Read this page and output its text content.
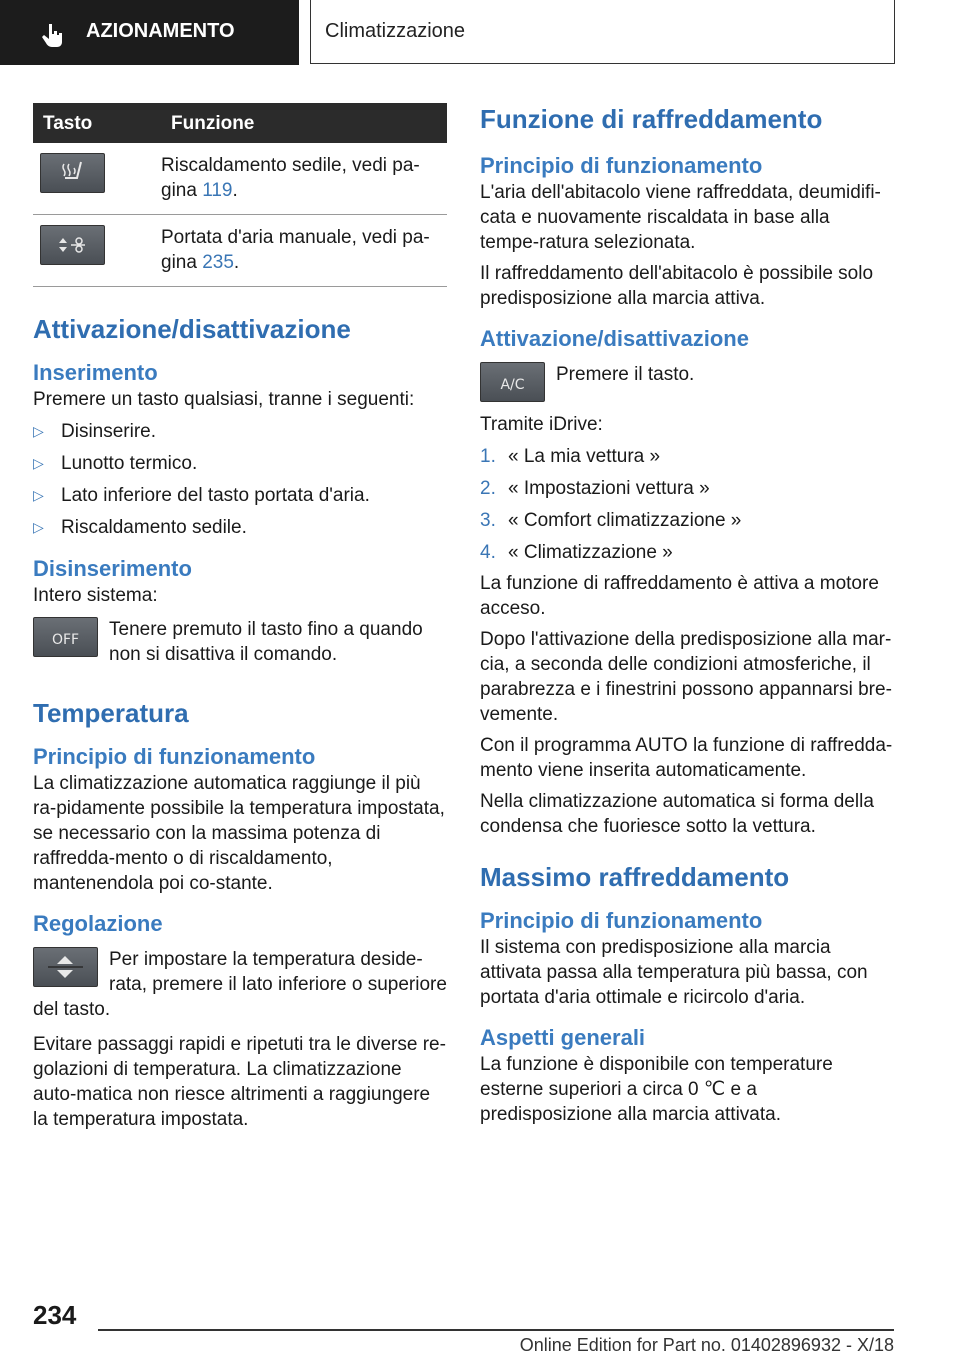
AZIONAMENTO	Climatizzazione
Tasto	Funzione

	Riscaldamento sedile, vedi pa-gina 119.

	Portata d'aria manuale, vedi pa-gina 235.
Attivazione/disattivazione
Inserimento

Premere un tasto qualsiasi, tranne i seguenti:

▷ Disinserire.
▷ Lunotto termico.
▷ Lato inferiore del tasto portata d'aria.
▷ Riscaldamento sedile.
Disinserimento

Intero sistema:

OFF	Tenere premuto il tasto fino a quando non si disattiva il comando.

Temperatura
Principio di funzionamento

La climatizzazione automatica raggiunge il più ra-pidamente possibile la temperatura impostata, se necessario con la massima potenza di raffredda-mento o di riscaldamento, mantenendola poi co-stante.

Regolazione

Per impostare la temperatura deside-rata, premere il lato inferiore o superiore del tasto.

Evitare passaggi rapidi e ripetuti tra le diverse re-golazioni di temperatura. La climatizzazione auto-matica non riesce altrimenti a raggiungere la temperatura impostata.

Funzione di raffreddamento
Principio di funzionamento

L'aria dell'abitacolo viene raffreddata, deumidifi-cata e nuovamente riscaldata in base alla tempe-ratura selezionata.

Il raffreddamento dell'abitacolo è possibile solo predisposizione alla marcia attiva.

Attivazione/disattivazione
A/C	Premere il tasto.

Tramite iDrive:

1. « La mia vettura »
2. « Impostazioni vettura »
3. « Comfort climatizzazione »
4. « Climatizzazione »

La funzione di raffreddamento è attiva a motore acceso.

Dopo l'attivazione della predisposizione alla mar-cia, a seconda delle condizioni atmosferiche, il parabrezza e i finestrini possono appannarsi bre-vemente.

Con il programma AUTO la funzione di raffredda-mento viene inserita automaticamente.

Nella climatizzazione automatica si forma della condensa che fuoriesce sotto la vettura.

Massimo raffreddamento
Principio di funzionamento

Il sistema con predisposizione alla marcia attivata passa alla temperatura più bassa, con portata d'aria ottimale e ricircolo d'aria.

Aspetti generali

La funzione è disponibile con temperature esterne superiori a circa 0 ℃ e a predisposizione alla marcia attivata.

234
Online Edition for Part no. 01402896932 - X/18
